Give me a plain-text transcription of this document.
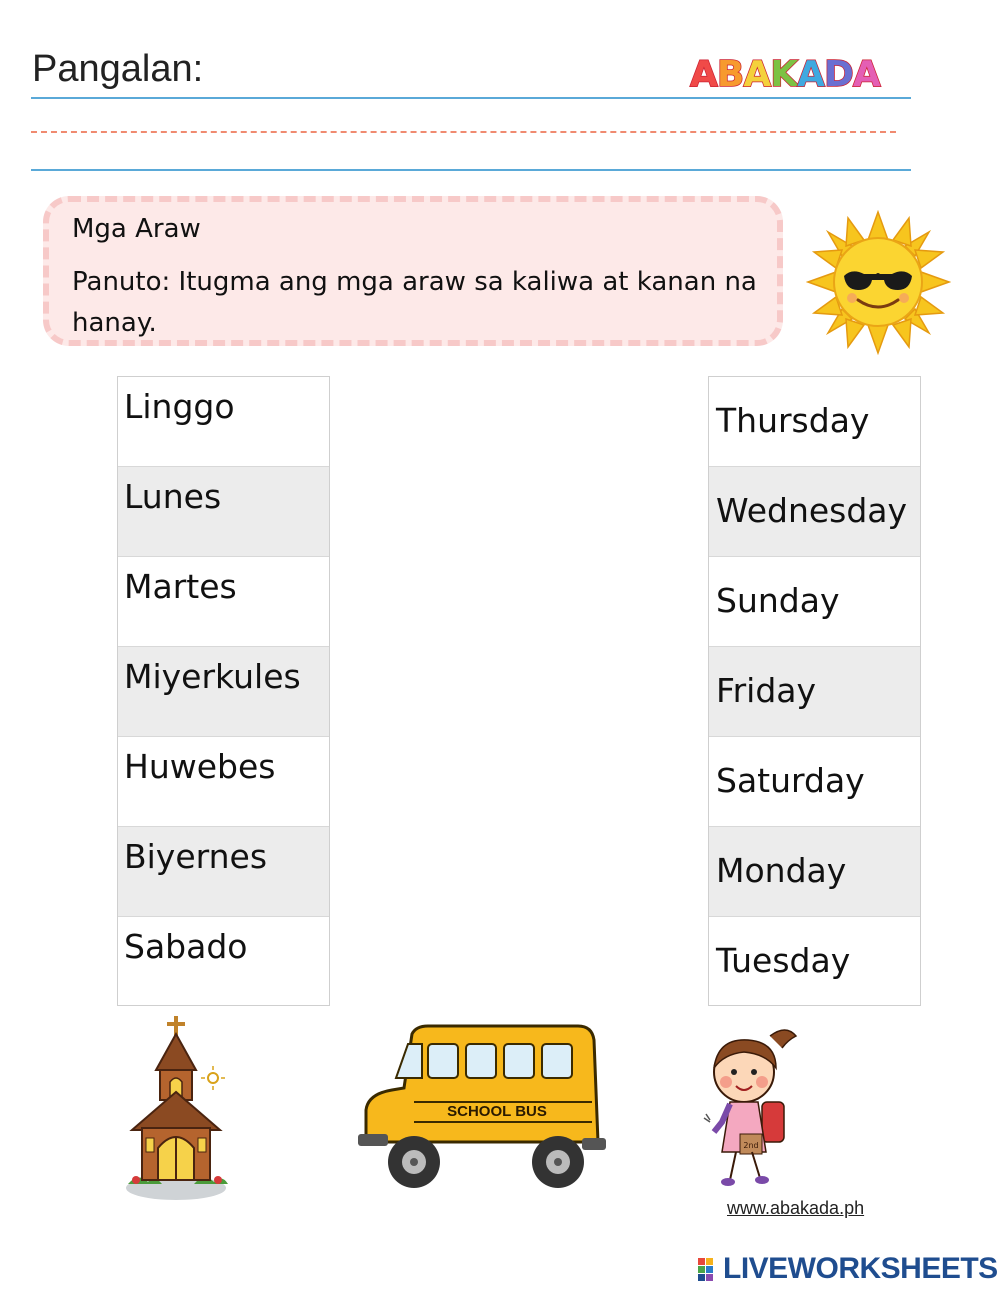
Pangalan:	ABAKADA
Mga Araw
Panuto: Itugma ang mga araw sa kaliwa at kanan na hanay.
Linggo
Lunes
Martes
Miyerkules
Huwebes
Biyernes
Sabado
Thursday
Wednesday
Sunday
Friday
Saturday
Monday
Tuesday
SCHOOL BUS
2nd
www.abakada.ph
LIVEWORKSHEETS
